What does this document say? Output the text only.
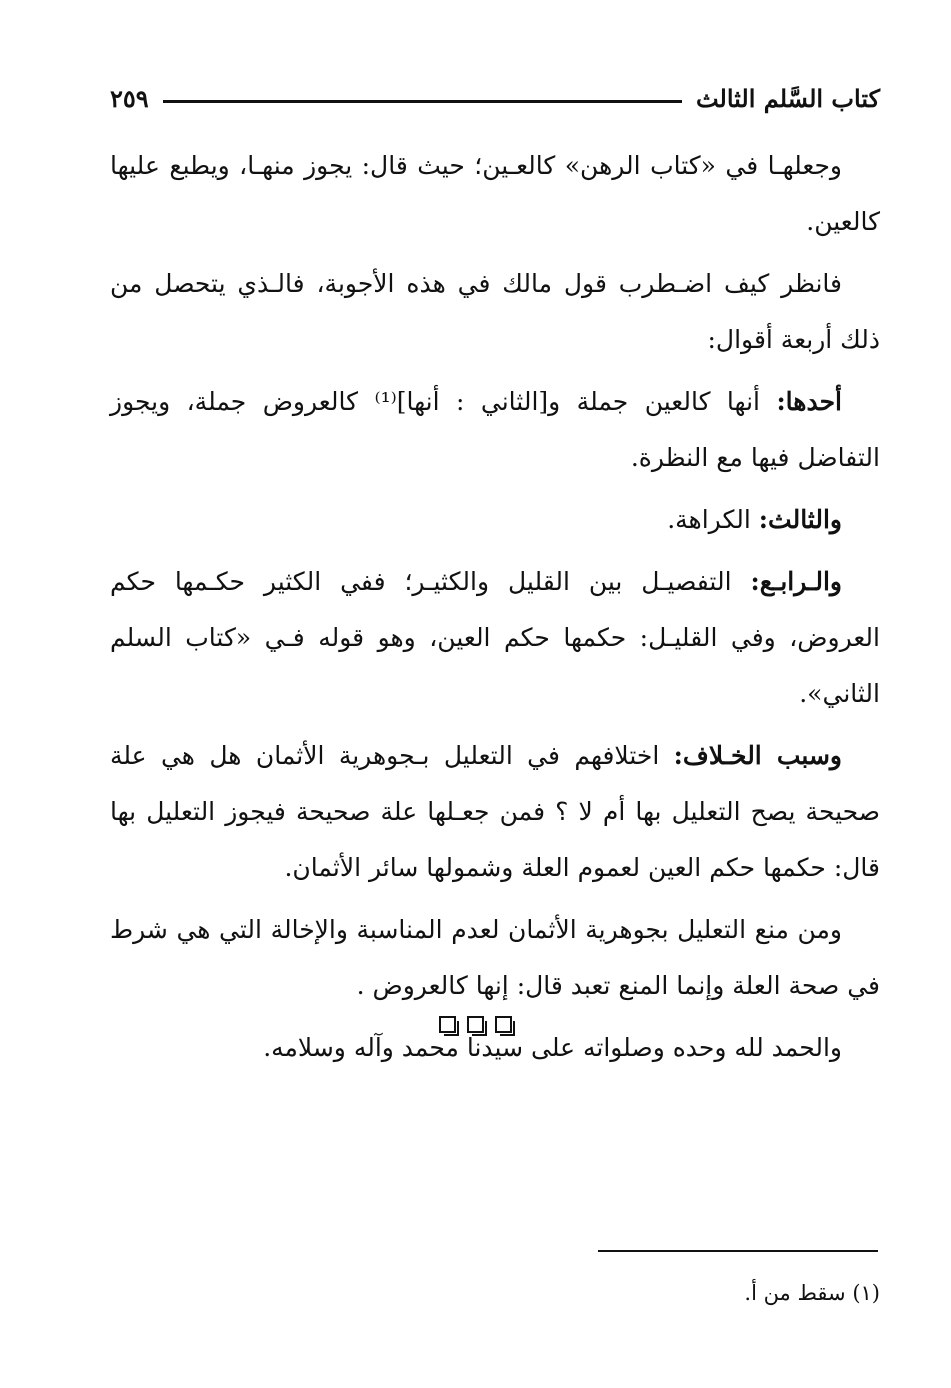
كتاب السَّلم الثالث
٢٥٩

وجعلهـا في «كتاب الرهن» كالعـين؛ حيث قال: يجوز منهـا، ويطبع عليها كالعين.

فانظر كيف اضـطرب قول مالك في هذه الأجوبة، فالـذي يتحصل من ذلك أربعة أقوال:

أحدها: أنها كالعين جملة و[الثاني : أنها]⁽¹⁾ كالعروض جملة، ويجوز التفاضل فيها مع النظرة.

والثالث: الكراهة.

والـرابـع: التفصيـل بين القليل والكثيـر؛ ففي الكثير حكـمها حكم العروض، وفي القليـل: حكمها حكم العين، وهو قوله فـي «كتاب السلم الثاني».

وسبب الخـلاف: اختلافهم في التعليل بـجوهرية الأثمان هل هي علة صحيحة يصح التعليل بها أم لا ؟ فمن جعـلها علة صحيحة فيجوز التعليل بها قال: حكمها حكم العين لعموم العلة وشمولها سائر الأثمان.

ومن منع التعليل بجوهرية الأثمان لعدم المناسبة والإخالة التي هي شرط في صحة العلة وإنما المنع تعبد قال: إنها كالعروض .

والحمد لله وحده وصلواته على سيدنا محمد وآله وسلامه.

(١) سقط من أ.
